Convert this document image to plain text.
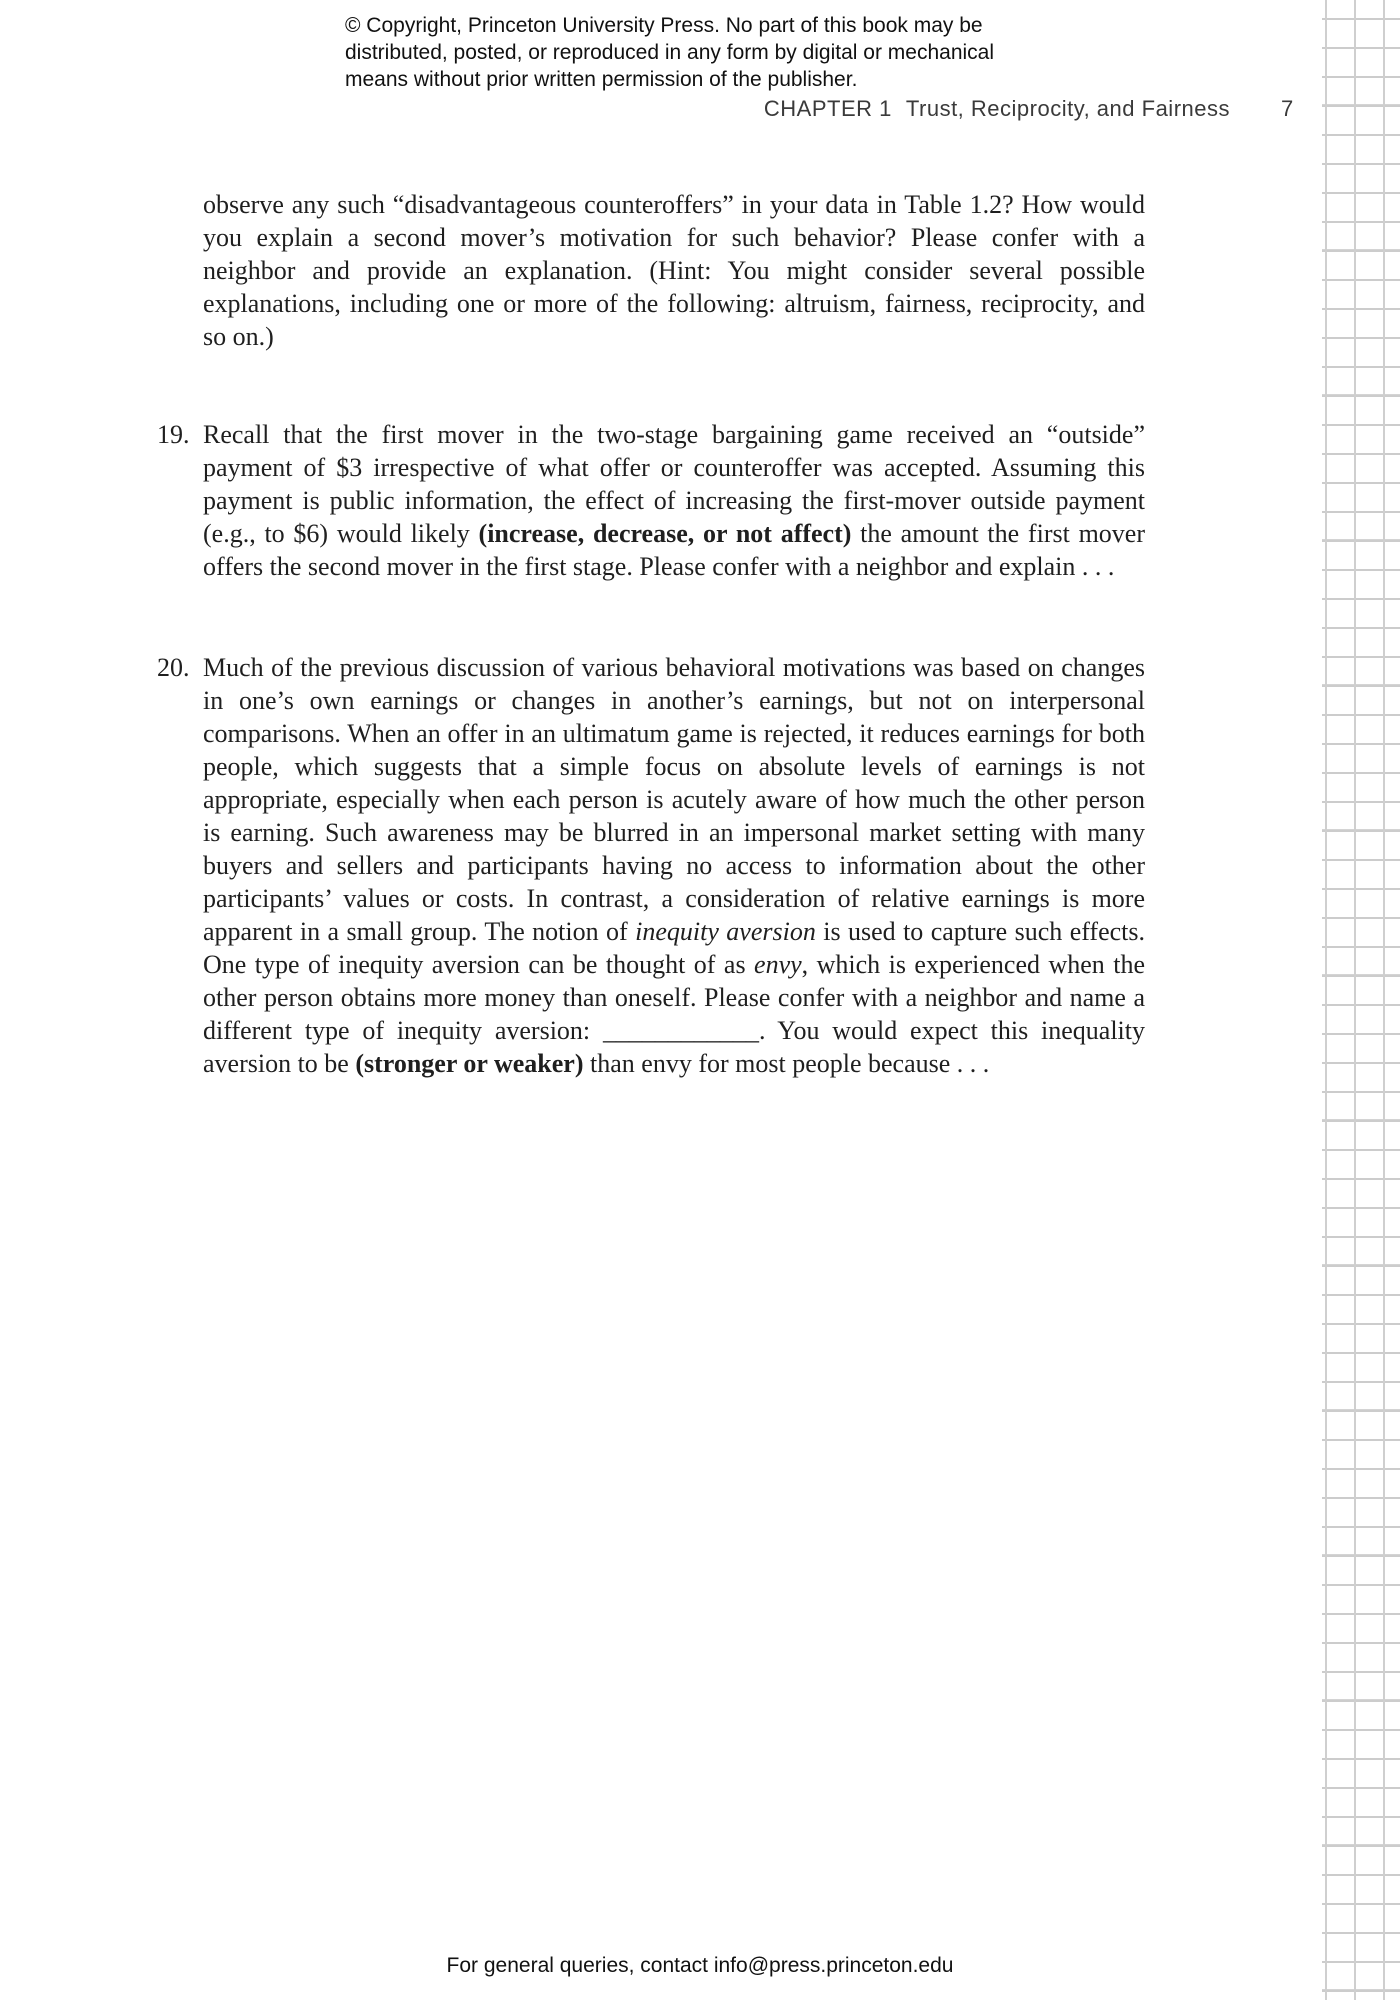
© Copyright, Princeton University Press. No part of this book may be
distributed, posted, or reproduced in any form by digital or mechanical
means without prior written permission of the publisher.
CHAPTER 1 Trust, Reciprocity, and Fairness 7

observe any such “disadvantageous counteroffers” in your data in Table 1.2? How would you explain a second mover’s motivation for such behavior? Please confer with a neighbor and provide an explanation. (Hint: You might consider several possible explanations, including one or more of the following: altruism, fairness, reciprocity, and so on.)

19. Recall that the first mover in the two-stage bargaining game received an “outside” payment of $3 irrespective of what offer or counteroffer was accepted. Assuming this payment is public information, the effect of increasing the first-mover outside payment (e.g., to $6) would likely (increase, decrease, or not affect) the amount the first mover offers the second mover in the first stage. Please confer with a neighbor and explain . . .

20. Much of the previous discussion of various behavioral motivations was based on changes in one’s own earnings or changes in another’s earnings, but not on interpersonal comparisons. When an offer in an ultimatum game is rejected, it reduces earnings for both people, which suggests that a simple focus on absolute levels of earnings is not appropriate, especially when each person is acutely aware of how much the other person is earning. Such awareness may be blurred in an impersonal market setting with many buyers and sellers and participants having no access to information about the other participants’ values or costs. In contrast, a consideration of relative earnings is more apparent in a small group. The notion of inequity aversion is used to capture such effects. One type of inequity aversion can be thought of as envy, which is experienced when the other person obtains more money than oneself. Please confer with a neighbor and name a different type of inequity aversion: ____________. You would expect this inequality aversion to be (stronger or weaker) than envy for most people because . . .

For general queries, contact info@press.princeton.edu
